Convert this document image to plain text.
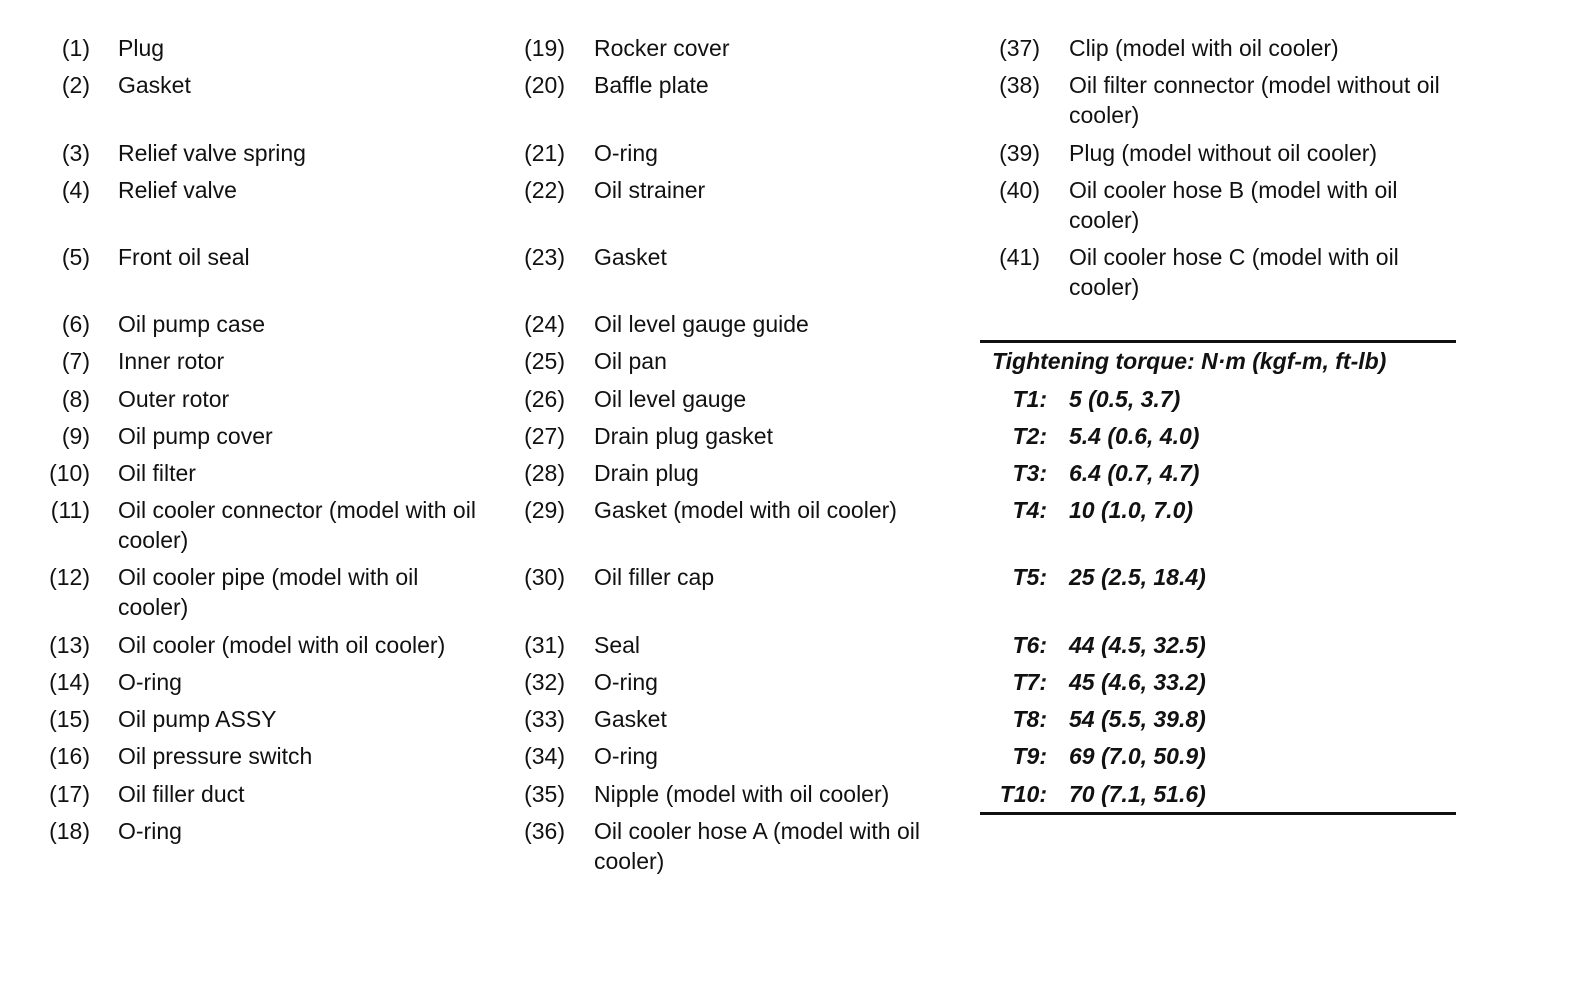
(1) Plug
(2) Gasket
(3) Relief valve spring
(4) Relief valve
(5) Front oil seal
(6) Oil pump case
(7) Inner rotor
(8) Outer rotor
(9) Oil pump cover
(10) Oil filter
(11) Oil cooler connector (model with oil cooler)
(12) Oil cooler pipe (model with oil cooler)
(13) Oil cooler (model with oil cooler)
(14) O-ring
(15) Oil pump ASSY
(16) Oil pressure switch
(17) Oil filler duct
(18) O-ring
(19) Rocker cover
(20) Baffle plate
(21) O-ring
(22) Oil strainer
(23) Gasket
(24) Oil level gauge guide
(25) Oil pan
(26) Oil level gauge
(27) Drain plug gasket
(28) Drain plug
(29) Gasket (model with oil cooler)
(30) Oil filler cap
(31) Seal
(32) O-ring
(33) Gasket
(34) O-ring
(35) Nipple (model with oil cooler)
(36) Oil cooler hose A (model with oil cooler)
(37) Clip (model with oil cooler)
(38) Oil filter connector (model without oil cooler)
(39) Plug (model without oil cooler)
(40) Oil cooler hose B (model with oil cooler)
(41) Oil cooler hose C (model with oil cooler)
Tightening torque: N·m (kgf-m, ft-lb)
T1: 5 (0.5, 3.7)
T2: 5.4 (0.6, 4.0)
T3: 6.4 (0.7, 4.7)
T4: 10 (1.0, 7.0)
T5: 25 (2.5, 18.4)
T6: 44 (4.5, 32.5)
T7: 45 (4.6, 33.2)
T8: 54 (5.5, 39.8)
T9: 69 (7.0, 50.9)
T10: 70 (7.1, 51.6)
